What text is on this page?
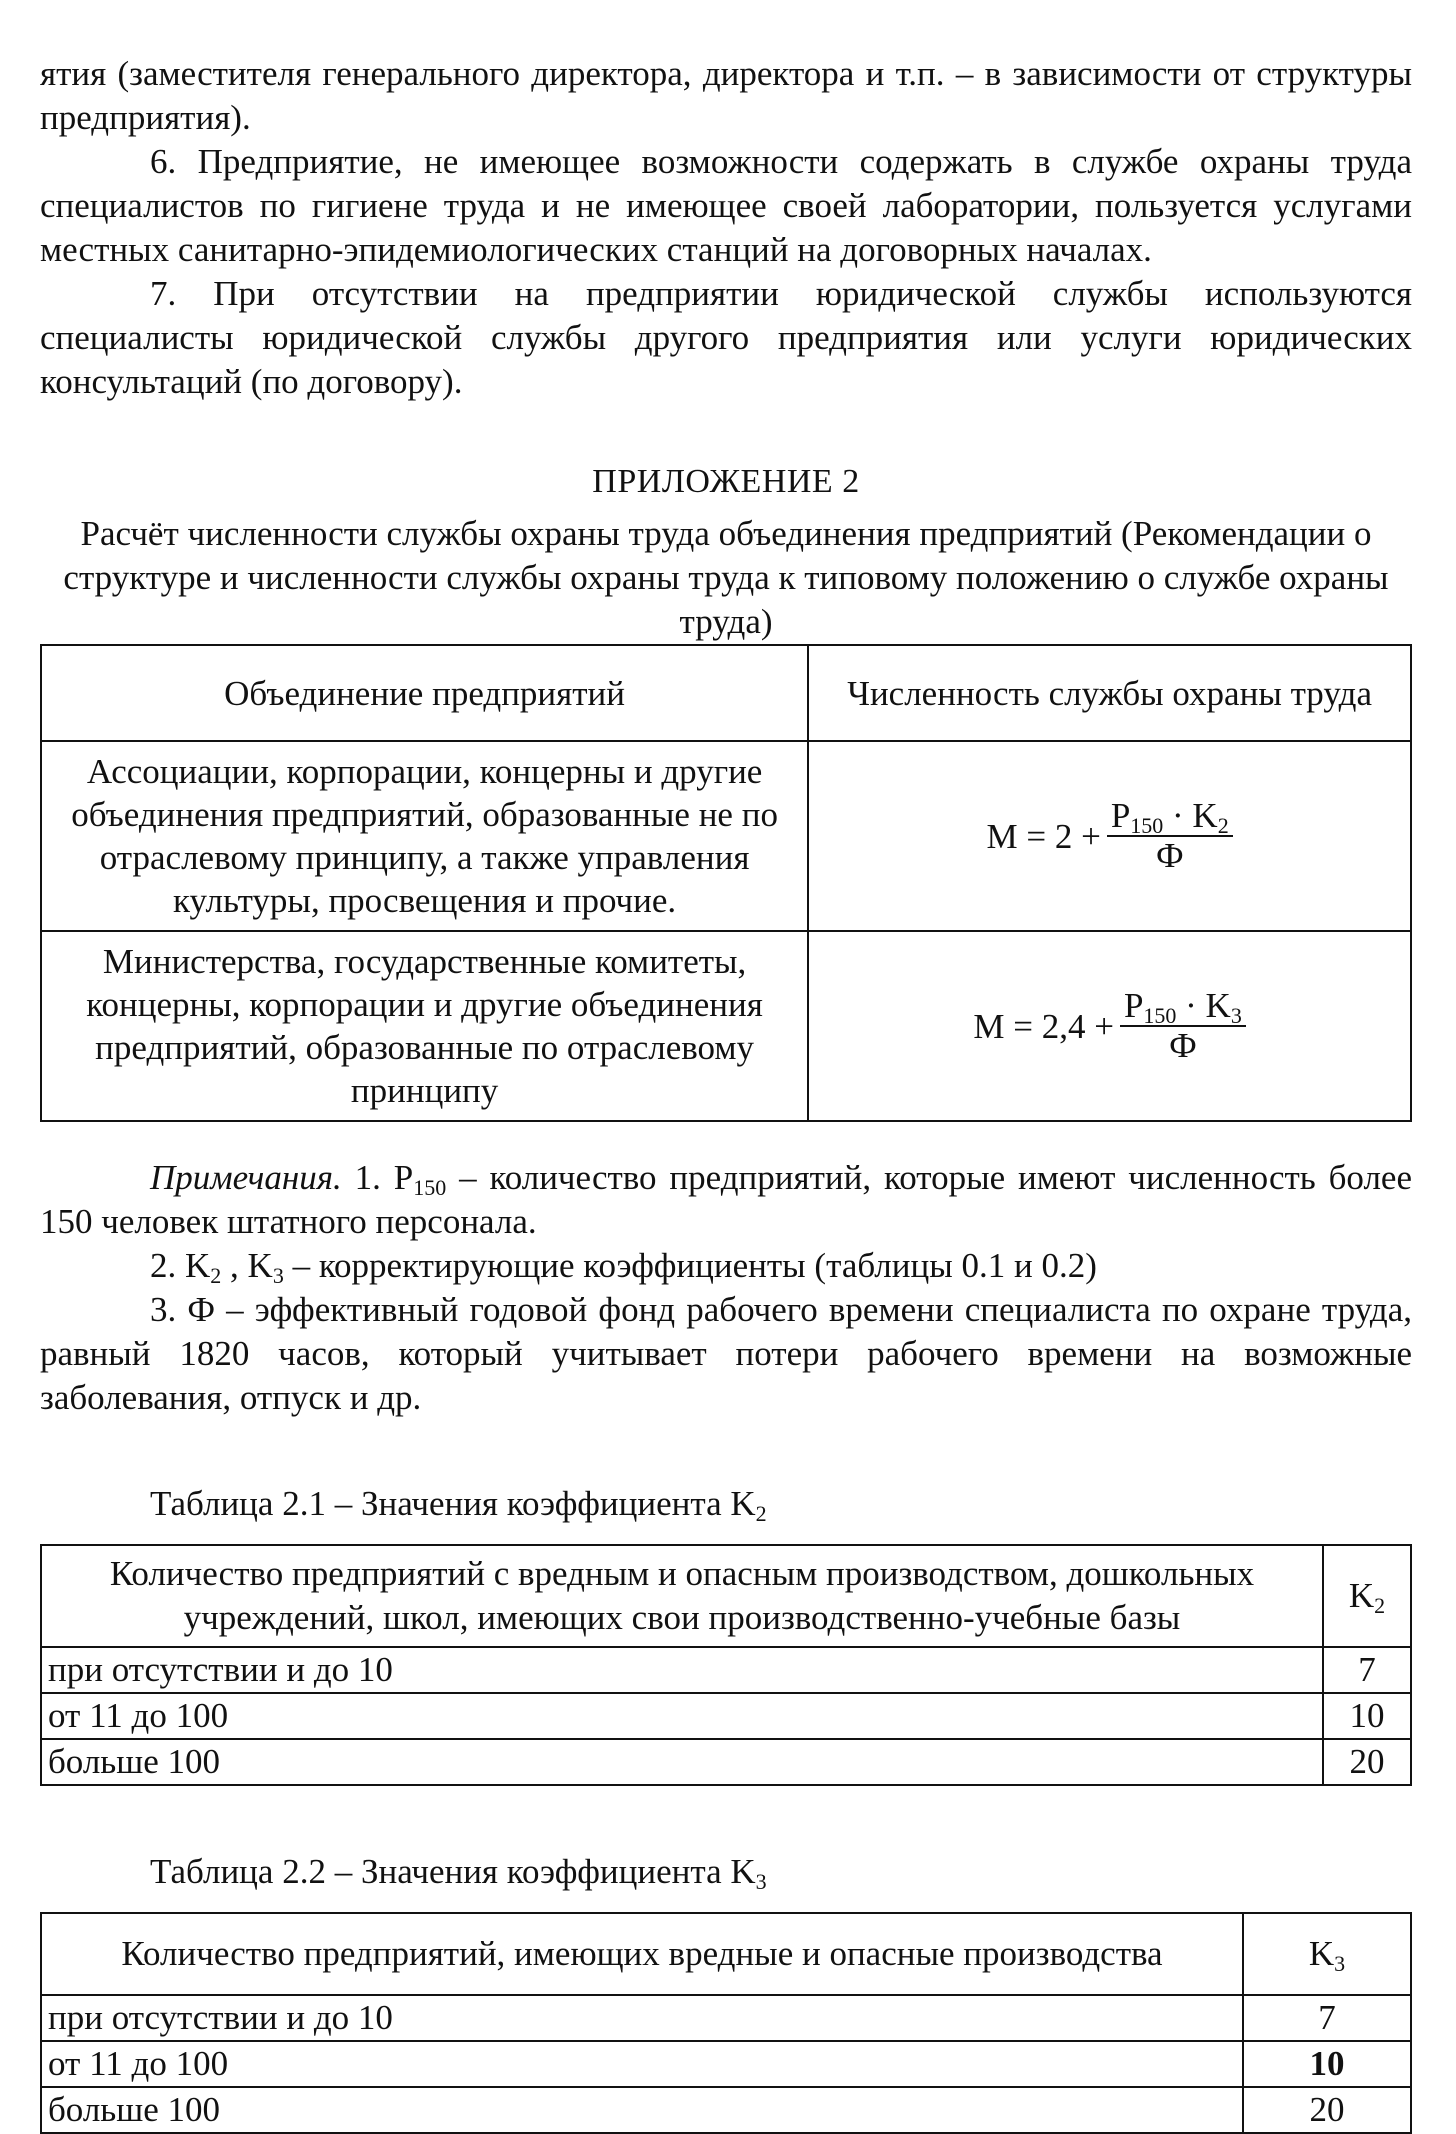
ятия (заместителя генерального директора, директора и т.п. – в зависимости от структуры предприятия).

6. Предприятие, не имеющее возможности содержать в службе охраны труда специалистов по гигиене труда и не имеющее своей лаборатории, пользуется услугами местных санитарно-эпидемиологических станций на договорных началах.

7. При отсутствии на предприятии юридической службы используются специалисты юридической службы другого предприятия или услуги юридических консультаций (по договору).

ПРИЛОЖЕНИЕ 2

Расчёт численности службы охраны труда объединения предприятий (Рекомендации о структуре и численности службы охраны труда к типовому положению о службе охраны труда)

Объединение предприятий	Численность службы охраны труда
Ассоциации, корпорации, концерны и другие объединения предприятий, образованные не по отраслевому принципу, а также управления культуры, просвещения и прочие.	$M = 2 + \frac{P_{150} \cdot K_2}{Ф}$

Министерства, государственные комитеты, концерны, корпорации и другие объединения предприятий, образованные по отраслевому принципу	$M = 2,4 + \frac{P_{150} \cdot K_3}{Ф}$

Примечания. 1. $P_{150}$ – количество предприятий, которые имеют численность более 150 человек штатного персонала.

2. $K_2$ , $K_3$ – корректирующие коэффициенты (таблицы 0.1 и 0.2)

3. Ф – эффективный годовой фонд рабочего времени специалиста по охране труда, равный 1820 часов, который учитывает потери рабочего времени на возможные заболевания, отпуск и др.

Таблица 2.1 – Значения коэффициента $K_2$
Количество предприятий с вредным и опасным производством, дошкольных учреждений, школ, имеющих свои производственно-учебные базы	$K_2$
при отсутствии и до 10	7
от 11 до 100	10
больше 100	20
Таблица 2.2 – Значения коэффициента $K_3$
Количество предприятий, имеющих вредные и опасные производства	$K_3$
при отсутствии и до 10	7
от 11 до 100	10
больше 100	20
